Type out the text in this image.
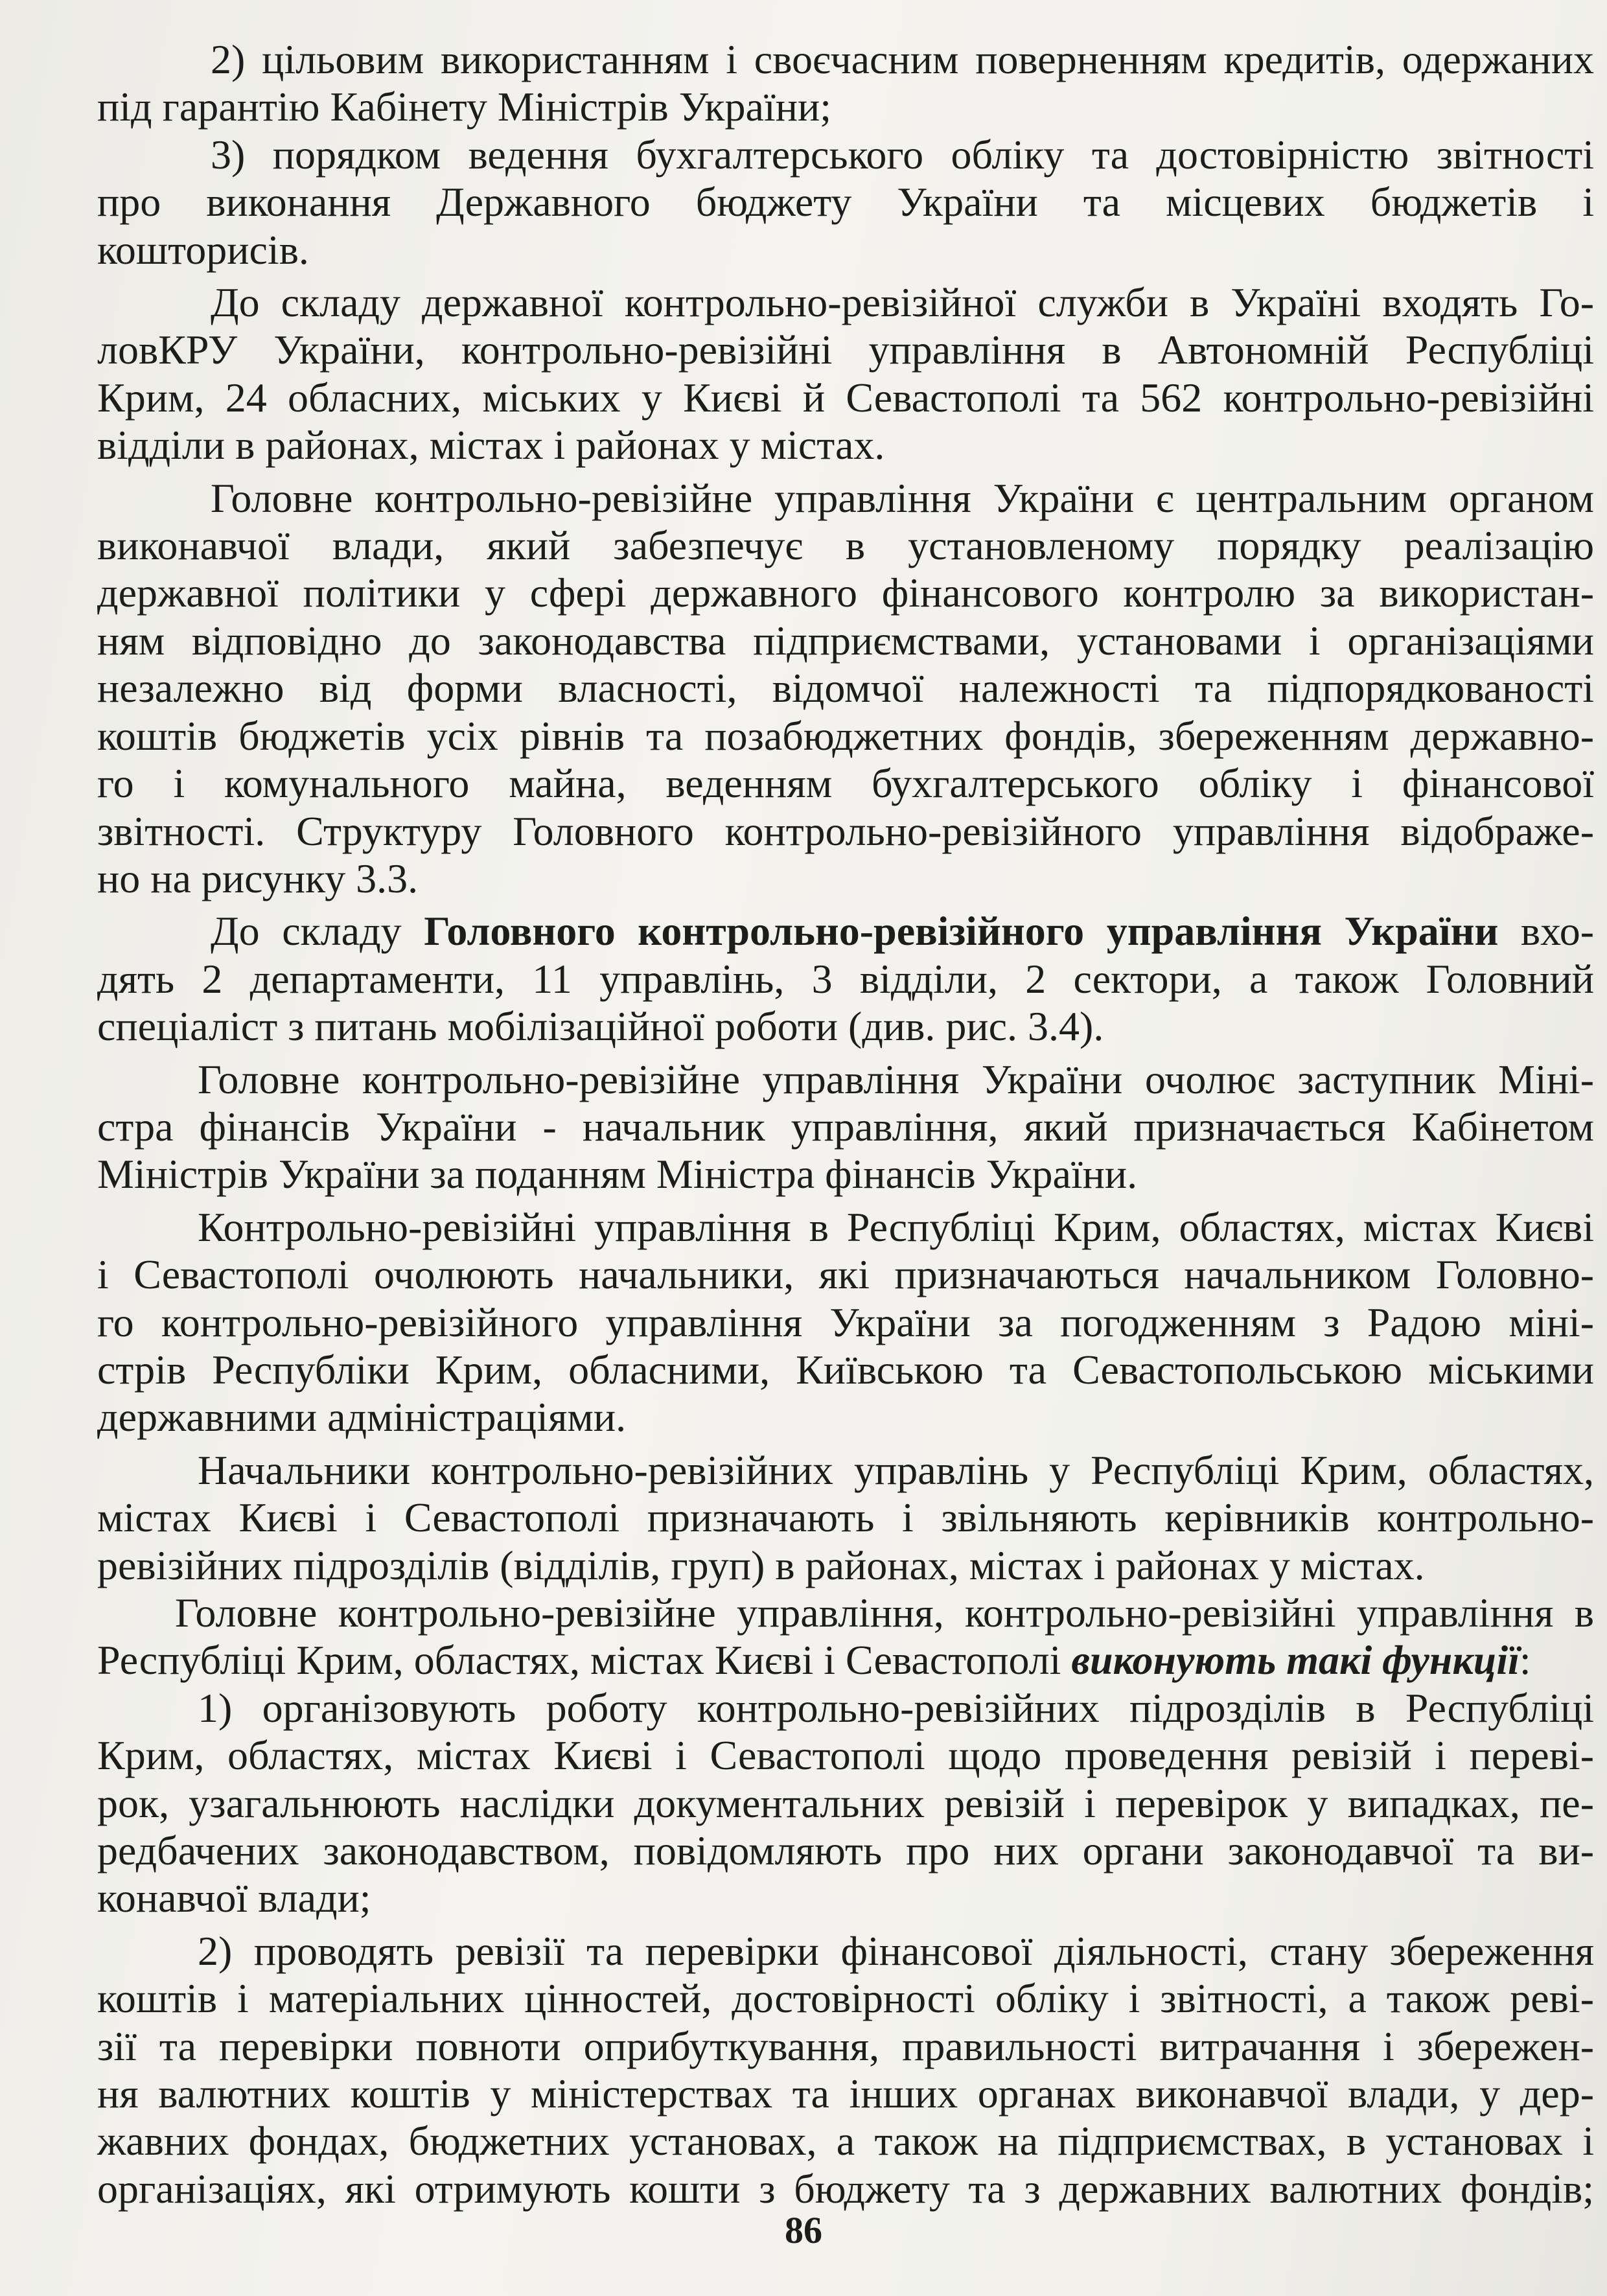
2) цільовим використанням і своєчасним поверненням кредитів, одержаних

під гарантію Кабінету Міністрів України;

3) порядком ведення бухгалтерського обліку та достовірністю звітності

про виконання Державного бюджету України та місцевих бюджетів і

кошторисів.

До складу державної контрольно-ревізійної служби в Україні входять Го-

ловКРУ України, контрольно-ревізійні управління в Автономній Республіці

Крим, 24 обласних, міських у Києві й Севастополі та 562 контрольно-ревізійні

відділи в районах, містах і районах у містах.

Головне контрольно-ревізійне управління України є центральним органом

виконавчої влади, який забезпечує в установленому порядку реалізацію

державної політики у сфері державного фінансового контролю за використан-

ням відповідно до законодавства підприємствами, установами і організаціями

незалежно від форми власності, відомчої належності та підпорядкованості

коштів бюджетів усіх рівнів та позабюджетних фондів, збереженням державно-

го і комунального майна, веденням бухгалтерського обліку і фінансової

звітності. Структуру Головного контрольно-ревізійного управління відображе-

но на рисунку 3.3.

До складу Головного контрольно-ревізійного управління України вхо-

дять 2 департаменти, 11 управлінь, 3 відділи, 2 сектори, а також Головний

спеціаліст з питань мобілізаційної роботи (див. рис. 3.4).

Головне контрольно-ревізійне управління України очолює заступник Міні-

стра фінансів України - начальник управління, який призначається Кабінетом

Міністрів України за поданням Міністра фінансів України.

Контрольно-ревізійні управління в Республіці Крим, областях, містах Києві

і Севастополі очолюють начальники, які призначаються начальником Головно-

го контрольно-ревізійного управління України за погодженням з Радою міні-

стрів Республіки Крим, обласними, Київською та Севастопольською міськими

державними адміністраціями.

Начальники контрольно-ревізійних управлінь у Республіці Крим, областях,

містах Києві і Севастополі призначають і звільняють керівників контрольно-

ревізійних підрозділів (відділів, груп) в районах, містах і районах у містах.

Головне контрольно-ревізійне управління, контрольно-ревізійні управління в

Республіці Крим, областях, містах Києві і Севастополі виконують такі функції:

1) організовують роботу контрольно-ревізійних підрозділів в Республіці

Крим, областях, містах Києві і Севастополі щодо проведення ревізій і переві-

рок, узагальнюють наслідки документальних ревізій і перевірок у випадках, пе-

редбачених законодавством, повідомляють про них органи законодавчої та ви-

конавчої влади;

2) проводять ревізії та перевірки фінансової діяльності, стану збереження

коштів і матеріальних цінностей, достовірності обліку і звітності, а також реві-

зії та перевірки повноти оприбуткування, правильності витрачання і збережен-

ня валютних коштів у міністерствах та інших органах виконавчої влади, у дер-

жавних фондах, бюджетних установах, а також на підприємствах, в установах і

організаціях, які отримують кошти з бюджету та з державних валютних фондів;

86
